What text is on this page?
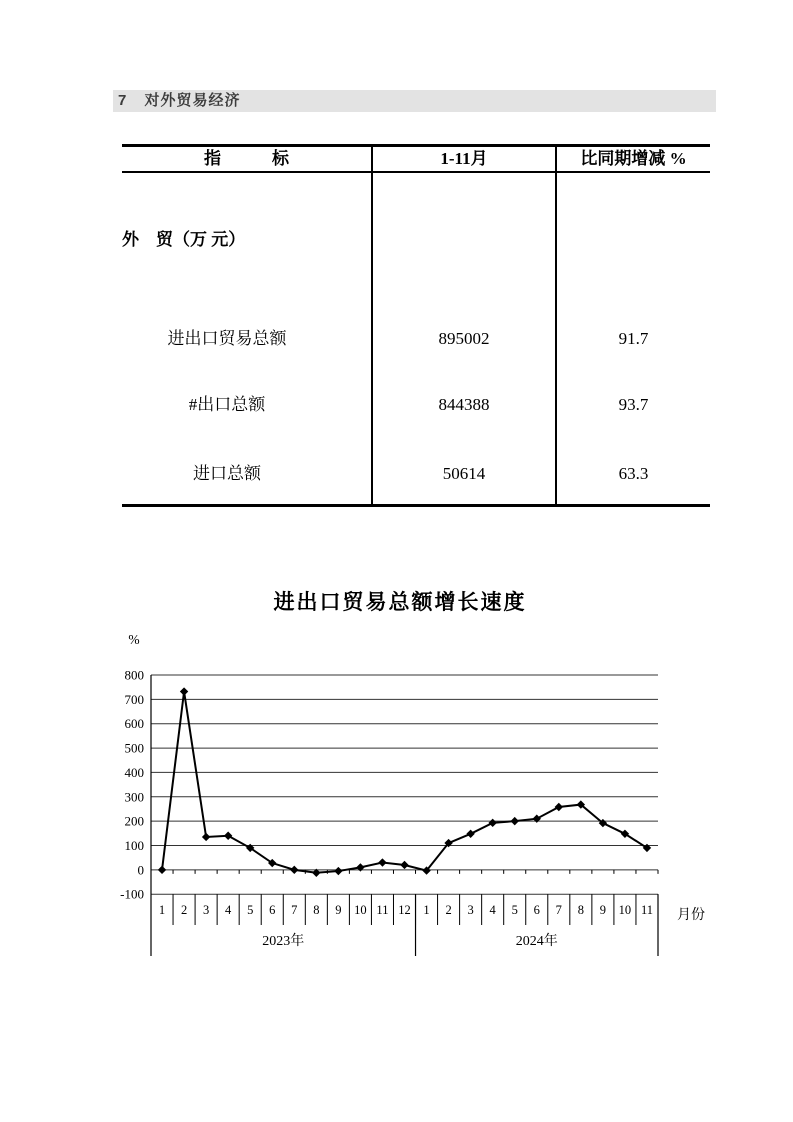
7 对外贸易经济
指　　　标	1-11月	比同期增减 %
外　贸（万 元）
进出口贸易总额	895002	91.7
#出口总额	844388	93.7
进口总额	50614	63.3
进出口贸易总额增长速度
800
700
600
500
400
300
200
100
0
-100
1 2 3 4 5 6 7 8 9 10 11 12 1 2 3 4 5 6 7 8 9 10 11
2023年	2024年
%
月份
